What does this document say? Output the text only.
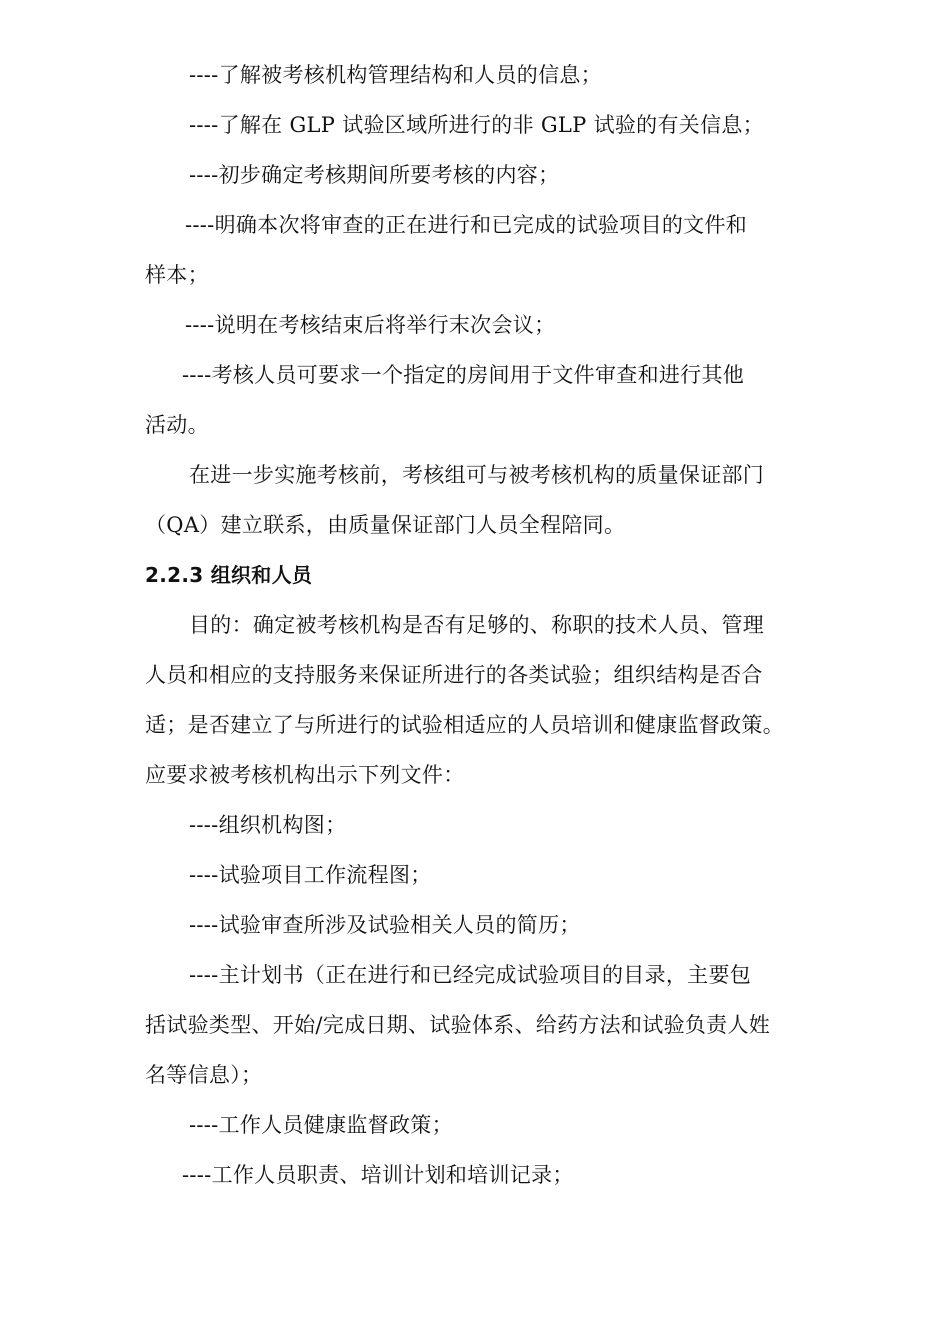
----了解被考核机构管理结构和人员的信息；
----了解在 GLP 试验区域所进行的非 GLP 试验的有关信息；
----初步确定考核期间所要考核的内容；
----明确本次将审查的正在进行和已完成的试验项目的文件和
样本；
----说明在考核结束后将举行末次会议；
----考核人员可要求一个指定的房间用于文件审查和进行其他
活动。
在进一步实施考核前，考核组可与被考核机构的质量保证部门
（QA）建立联系，由质量保证部门人员全程陪同。
2.2.3 组织和人员
目的：确定被考核机构是否有足够的、称职的技术人员、管理
人员和相应的支持服务来保证所进行的各类试验；组织结构是否合
适；是否建立了与所进行的试验相适应的人员培训和健康监督政策。
应要求被考核机构出示下列文件：
----组织机构图；
----试验项目工作流程图；
----试验审查所涉及试验相关人员的简历；
----主计划书（正在进行和已经完成试验项目的目录，主要包
括试验类型、开始/完成日期、试验体系、给药方法和试验负责人姓
名等信息）；
----工作人员健康监督政策；
----工作人员职责、培训计划和培训记录；
